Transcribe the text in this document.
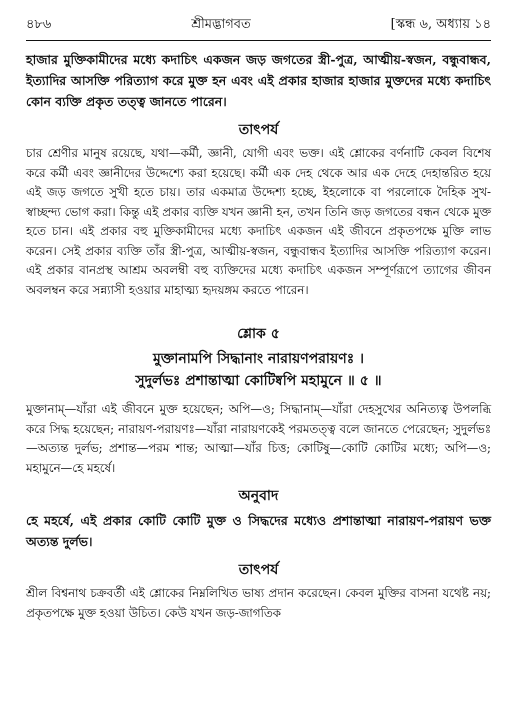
৪৮৬	শ্রীমদ্ভাগবত	[স্কন্ধ ৬, অধ্যায় ১৪

হাজার মুক্তিকামীদের মধ্যে কদাচিৎ একজন জড় জগতের স্ত্রী-পুত্র, আত্মীয়-স্বজন, বন্ধুবান্ধব, ইত্যাদির আসক্তি পরিত্যাগ করে মুক্ত হন এবং এই প্রকার হাজার হাজার মুক্তদের মধ্যে কদাচিৎ কোন ব্যক্তি প্রকৃত তত্ত্ব জানতে পারেন।

তাৎপর্য

চার শ্রেণীর মানুষ রয়েছে, যথা—কর্মী, জ্ঞানী, যোগী এবং ভক্ত। এই শ্লোকের বর্ণনাটি কেবল বিশেষ করে কর্মী এবং জ্ঞানীদের উদ্দেশ্যে করা হয়েছে। কর্মী এক দেহ থেকে আর এক দেহে দেহান্তরিত হয়ে এই জড় জগতে সুখী হতে চায়। তার একমাত্র উদ্দেশ্য হচ্ছে, ইহলোকে বা পরলোকে দৈহিক সুখ-স্বাচ্ছন্দ্য ভোগ করা। কিন্তু এই প্রকার ব্যক্তি যখন জ্ঞানী হন, তখন তিনি জড় জগতের বন্ধন থেকে মুক্ত হতে চান। এই প্রকার বহু মুক্তিকামীদের মধ্যে কদাচিৎ একজন এই জীবনে প্রকৃতপক্ষে মুক্তি লাভ করেন। সেই প্রকার ব্যক্তি তাঁর স্ত্রী-পুত্র, আত্মীয়-স্বজন, বন্ধুবান্ধব ইত্যাদির আসক্তি পরিত্যাগ করেন। এই প্রকার বানপ্রস্থ আশ্রম অবলম্বী বহু ব্যক্তিদের মধ্যে কদাচিৎ একজন সম্পূর্ণরূপে ত্যাগের জীবন অবলম্বন করে সন্ন্যাসী হওয়ার মাহাত্ম্য হৃদয়ঙ্গম করতে পারেন।

শ্লোক ৫
মুক্তানামপি সিদ্ধানাং নারায়ণপরায়ণঃ ।
সুদুর্লভঃ প্রশান্তাত্মা কোটিষ্বপি মহামুনে ॥ ৫ ॥

মুক্তানাম্—যাঁরা এই জীবনে মুক্ত হয়েছেন; অপি—ও; সিদ্ধানাম্—যাঁরা দেহসুখের অনিত্যত্ব উপলব্ধি করে সিদ্ধ হয়েছেন; নারায়ণ-পরায়ণঃ—যাঁরা নারায়ণকেই পরমতত্ত্ব বলে জানতে পেরেছেন; সুদুর্লভঃ—অত্যন্ত দুর্লভ; প্রশান্ত—পরম শান্ত; আত্মা—যাঁর চিত্ত; কোটিষু—কোটি কোটির মধ্যে; অপি—ও; মহামুনে—হে মহর্ষে।

অনুবাদ

হে মহর্ষে, এই প্রকার কোটি কোটি মুক্ত ও সিদ্ধদের মধ্যেও প্রশান্তাত্মা নারায়ণ-পরায়ণ ভক্ত অত্যন্ত দুর্লভ।

তাৎপর্য

শ্রীল বিশ্বনাথ চক্রবর্তী এই শ্লোকের নিম্নলিখিত ভাষ্য প্রদান করেছেন। কেবল মুক্তির বাসনা যথেষ্ট নয়; প্রকৃতপক্ষে মুক্ত হওয়া উচিত। কেউ যখন জড়-জাগতিক
